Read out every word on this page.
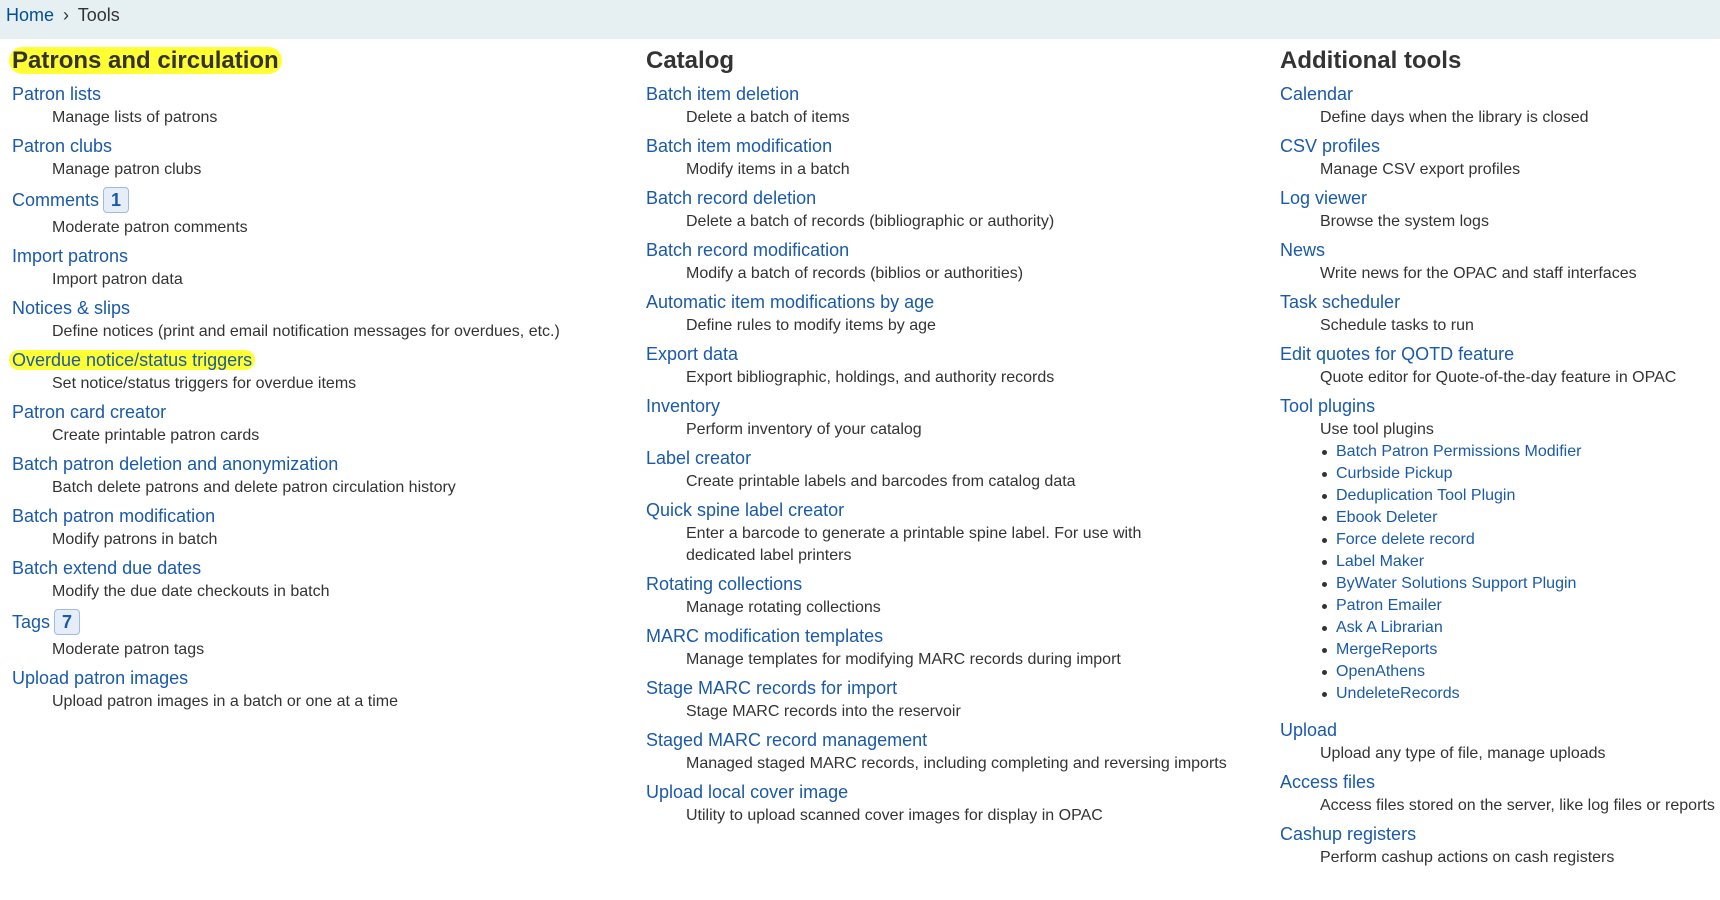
Home › Tools
Patrons and circulation
Patron lists
Manage lists of patrons
Patron clubs
Manage patron clubs
Comments 1
Moderate patron comments
Import patrons
Import patron data
Notices & slips
Define notices (print and email notification messages for overdues, etc.)
Overdue notice/status triggers
Set notice/status triggers for overdue items
Patron card creator
Create printable patron cards
Batch patron deletion and anonymization
Batch delete patrons and delete patron circulation history
Batch patron modification
Modify patrons in batch
Batch extend due dates
Modify the due date checkouts in batch
Tags 7
Moderate patron tags
Upload patron images
Upload patron images in a batch or one at a time
Catalog
Batch item deletion
Delete a batch of items
Batch item modification
Modify items in a batch
Batch record deletion
Delete a batch of records (bibliographic or authority)
Batch record modification
Modify a batch of records (biblios or authorities)
Automatic item modifications by age
Define rules to modify items by age
Export data
Export bibliographic, holdings, and authority records
Inventory
Perform inventory of your catalog
Label creator
Create printable labels and barcodes from catalog data
Quick spine label creator
Enter a barcode to generate a printable spine label. For use with dedicated label printers
Rotating collections
Manage rotating collections
MARC modification templates
Manage templates for modifying MARC records during import
Stage MARC records for import
Stage MARC records into the reservoir
Staged MARC record management
Managed staged MARC records, including completing and reversing imports
Upload local cover image
Utility to upload scanned cover images for display in OPAC
Additional tools
Calendar
Define days when the library is closed
CSV profiles
Manage CSV export profiles
Log viewer
Browse the system logs
News
Write news for the OPAC and staff interfaces
Task scheduler
Schedule tasks to run
Edit quotes for QOTD feature
Quote editor for Quote-of-the-day feature in OPAC
Tool plugins
Use tool plugins
Batch Patron Permissions Modifier
Curbside Pickup
Deduplication Tool Plugin
Ebook Deleter
Force delete record
Label Maker
ByWater Solutions Support Plugin
Patron Emailer
Ask A Librarian
MergeReports
OpenAthens
UndeleteRecords
Upload
Upload any type of file, manage uploads
Access files
Access files stored on the server, like log files or reports
Cashup registers
Perform cashup actions on cash registers
